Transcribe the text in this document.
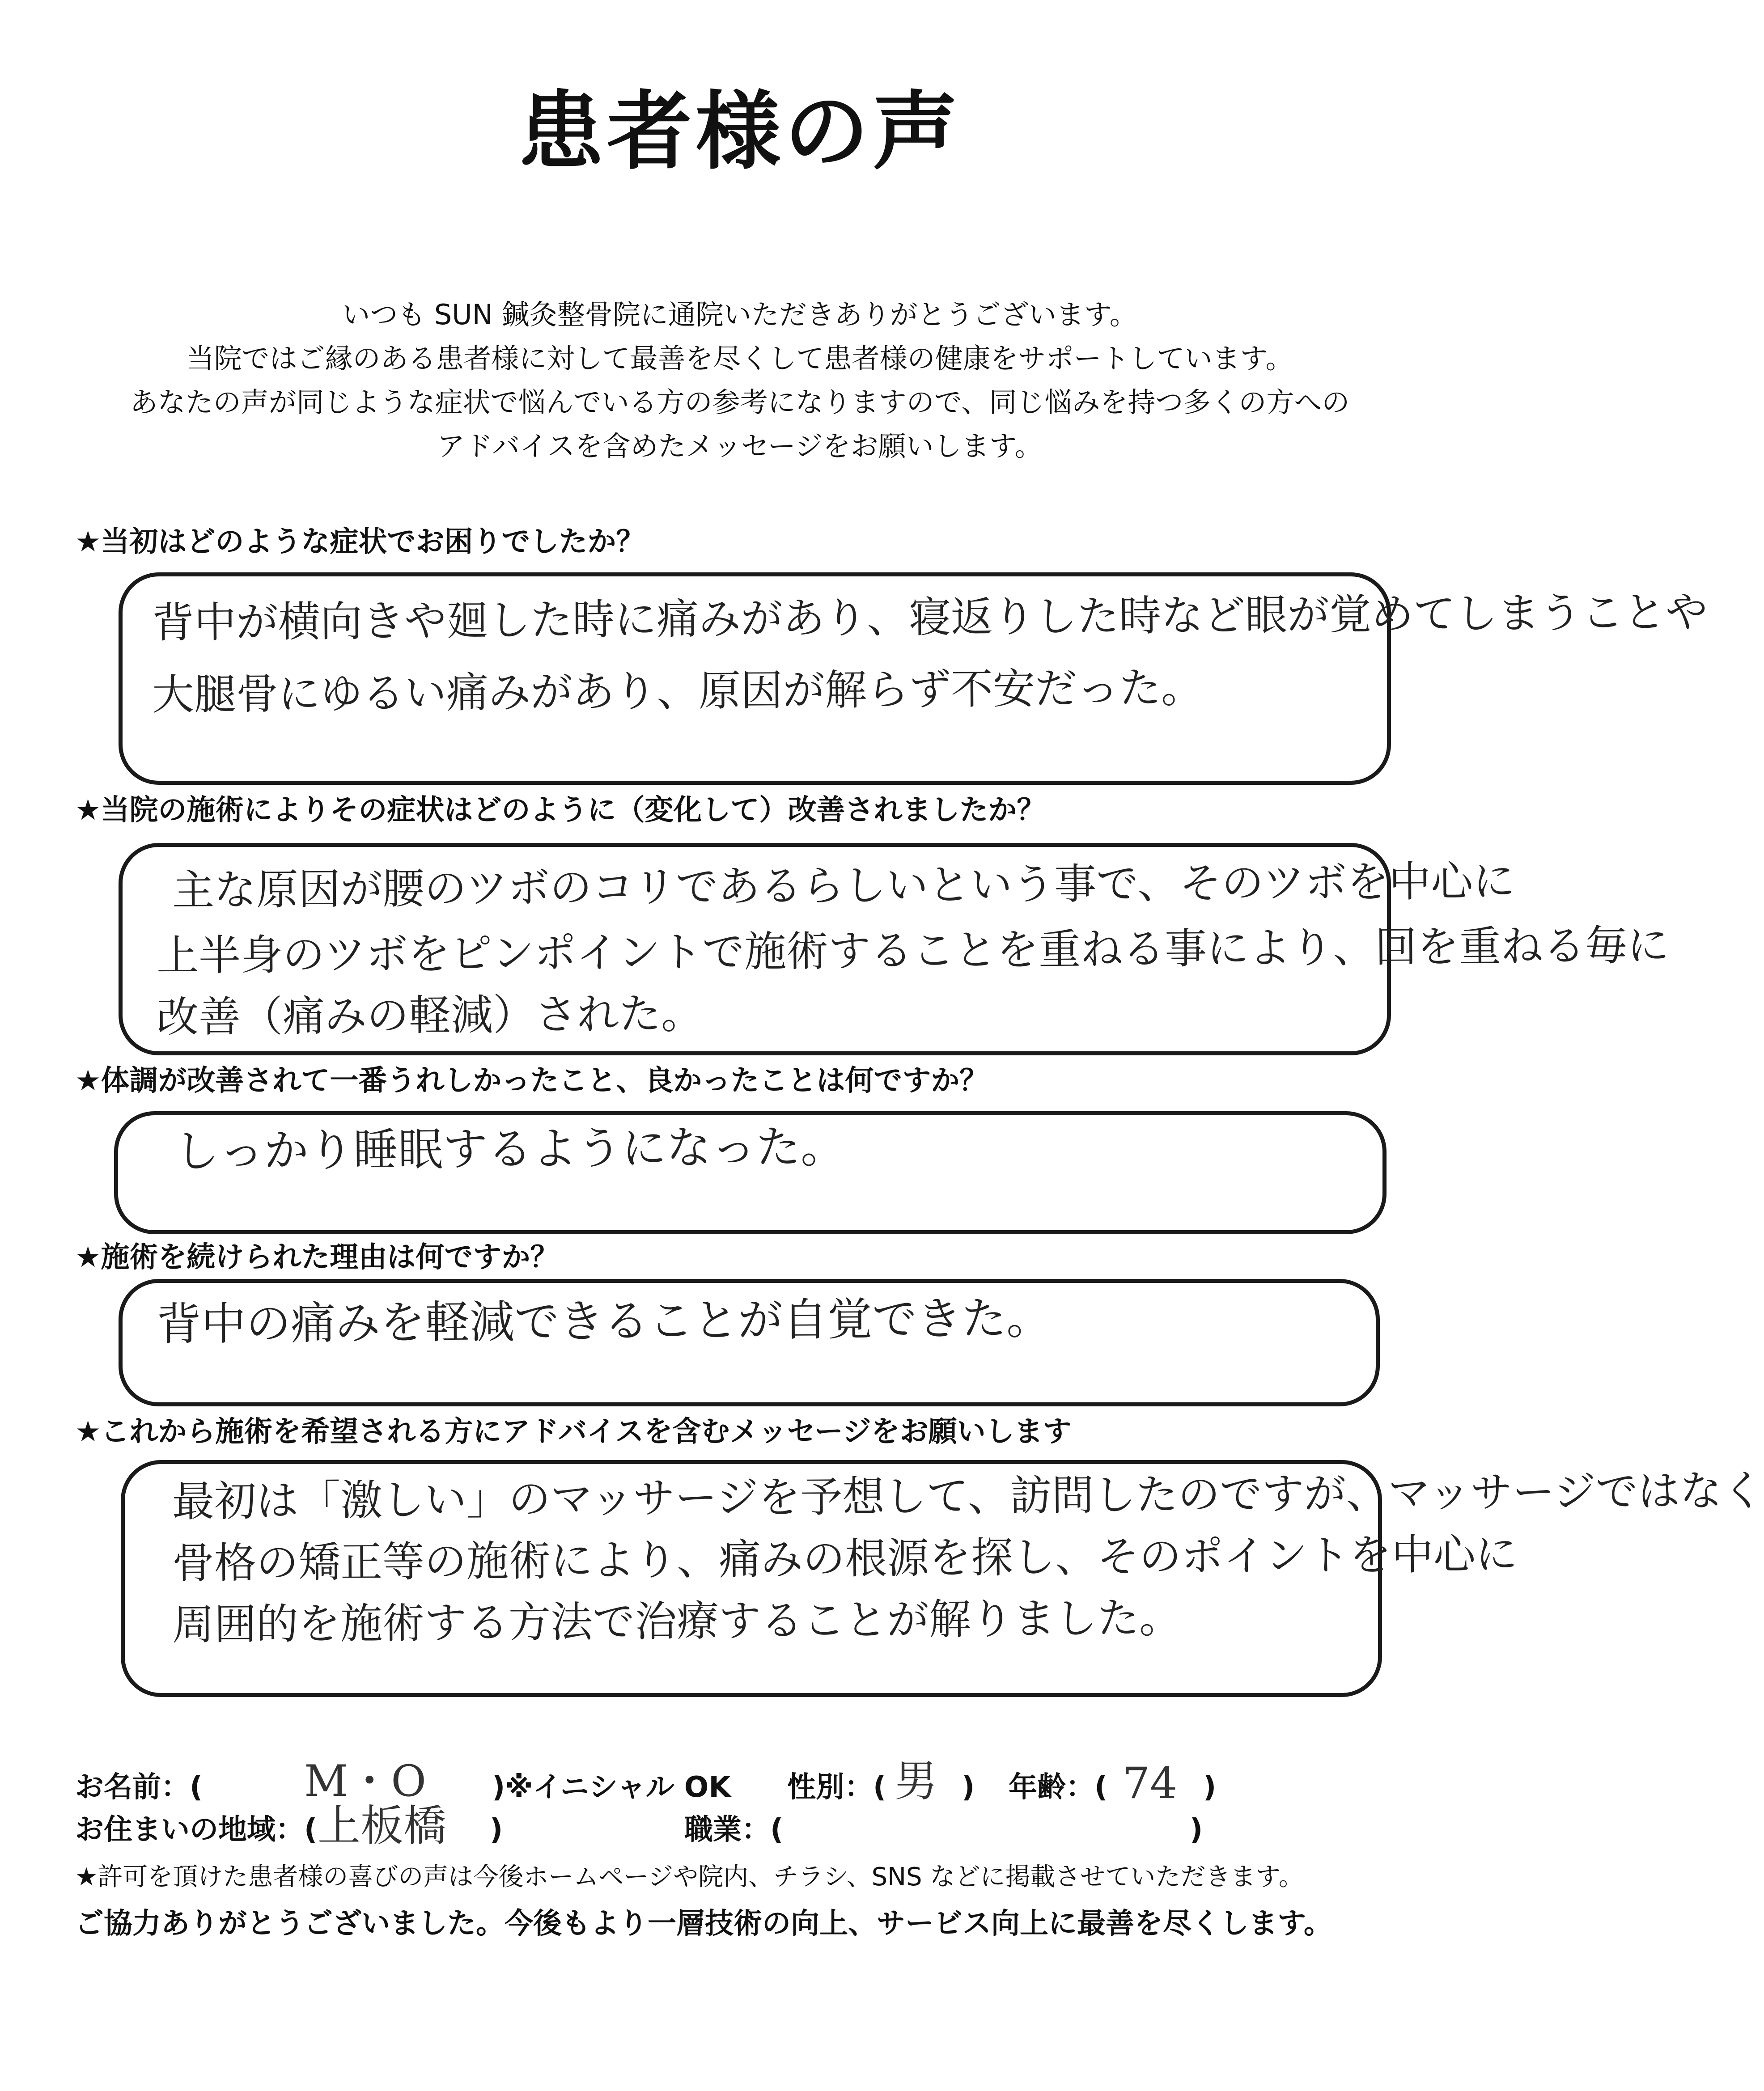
患者様の声
いつも SUN 鍼灸整骨院に通院いただきありがとうございます。
当院ではご縁のある患者様に対して最善を尽くして患者様の健康をサポートしています。
あなたの声が同じような症状で悩んでいる方の参考になりますので、同じ悩みを持つ多くの方への
アドバイスを含めたメッセージをお願いします。
★当初はどのような症状でお困りでしたか？
背中が横向きや廻した時に痛みがあり、寝返りした時など眼が覚めてしまうことや
大腿骨にゆるい痛みがあり、原因が解らず不安だった。
★当院の施術によりその症状はどのように（変化して）改善されましたか？
主な原因が腰のツボのコリであるらしいという事で、そのツボを中心に
上半身のツボをピンポイントで施術することを重ねる事により、回を重ねる毎に
改善（痛みの軽減）された。
★体調が改善されて一番うれしかったこと、良かったことは何ですか？
しっかり睡眠するようになった。
★施術を続けられた理由は何ですか？
背中の痛みを軽減できることが自覚できた。
★これから施術を希望される方にアドバイスを含むメッセージをお願いします
最初は「激しい」のマッサージを予想して、訪問したのですが、マッサージではなく
骨格の矯正等の施術により、痛みの根源を探し、そのポイントを中心に
周囲的を施術する方法で治療することが解りました。
お名前：( M・O )※イニシャル OK 性別：( 男 ) 年齢：( 74 )
お住まいの地域：( 上板橋 )	職業：(	)
★許可を頂けた患者様の喜びの声は今後ホームページや院内、チラシ、SNS などに掲載させていただきます。
ご協力ありがとうございました。今後もより一層技術の向上、サービス向上に最善を尽くします。
